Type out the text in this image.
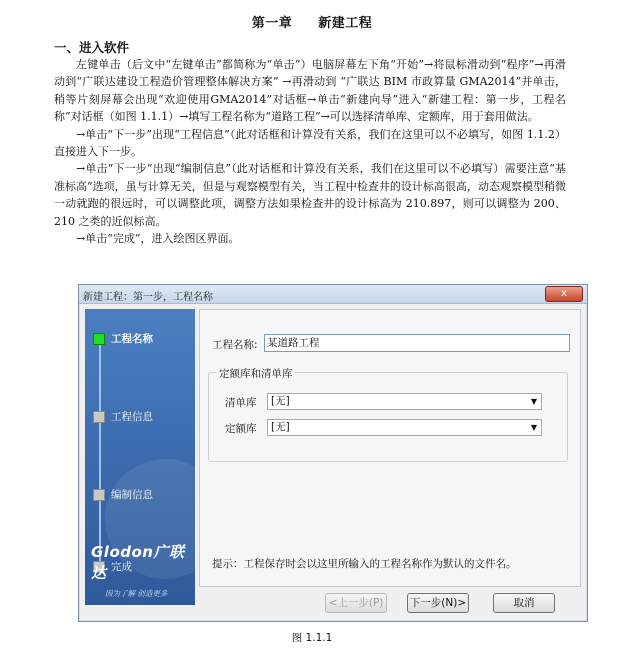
第一章 新建工程
一、进入软件

左键单击（后文中“左键单击”都简称为“单击”）电脑屏幕左下角“开始”→将鼠标滑动到“程序”→再滑动到“广联达建设工程造价管理整体解决方案” →再滑动到 “广联达 BIM 市政算量 GMA2014”并单击，稍等片刻屏幕会出现“欢迎使用GMA2014”对话框→单击“新建向导”进入“新建工程：第一步，工程名称”对话框（如图 1.1.1）→填写工程名称为“道路工程”→可以选择清单库、定额库，用于套用做法。

→单击“下一步”出现“工程信息”（此对话框和计算没有关系，我们在这里可以不必填写，如图 1.1.2）直接进入下一步。

→单击“下一步”出现“编制信息”（此对话框和计算没有关系，我们在这里可以不必填写）需要注意“基准标高”选项，虽与计算无关，但是与观察模型有关，当工程中检查井的设计标高很高，动态观察模型稍微一动就跑的很远时，可以调整此项，调整方法如果检查井的设计标高为 210.897，则可以调整为 200、210 之类的近似标高。

→单击“完成”，进入绘图区界面。

新建工程：第一步，工程名称	x
工程名称
工程信息
编制信息
完成
Glodon广联达
因为了解 创造更多
工程名称: 某道路工程
定额库和清单库
清单库	[无]	▼
定额库	[无]	▼
提示：工程保存时会以这里所输入的工程名称作为默认的文件名。
<上一步(P)	下一步(N)>	取消
图 1.1.1
